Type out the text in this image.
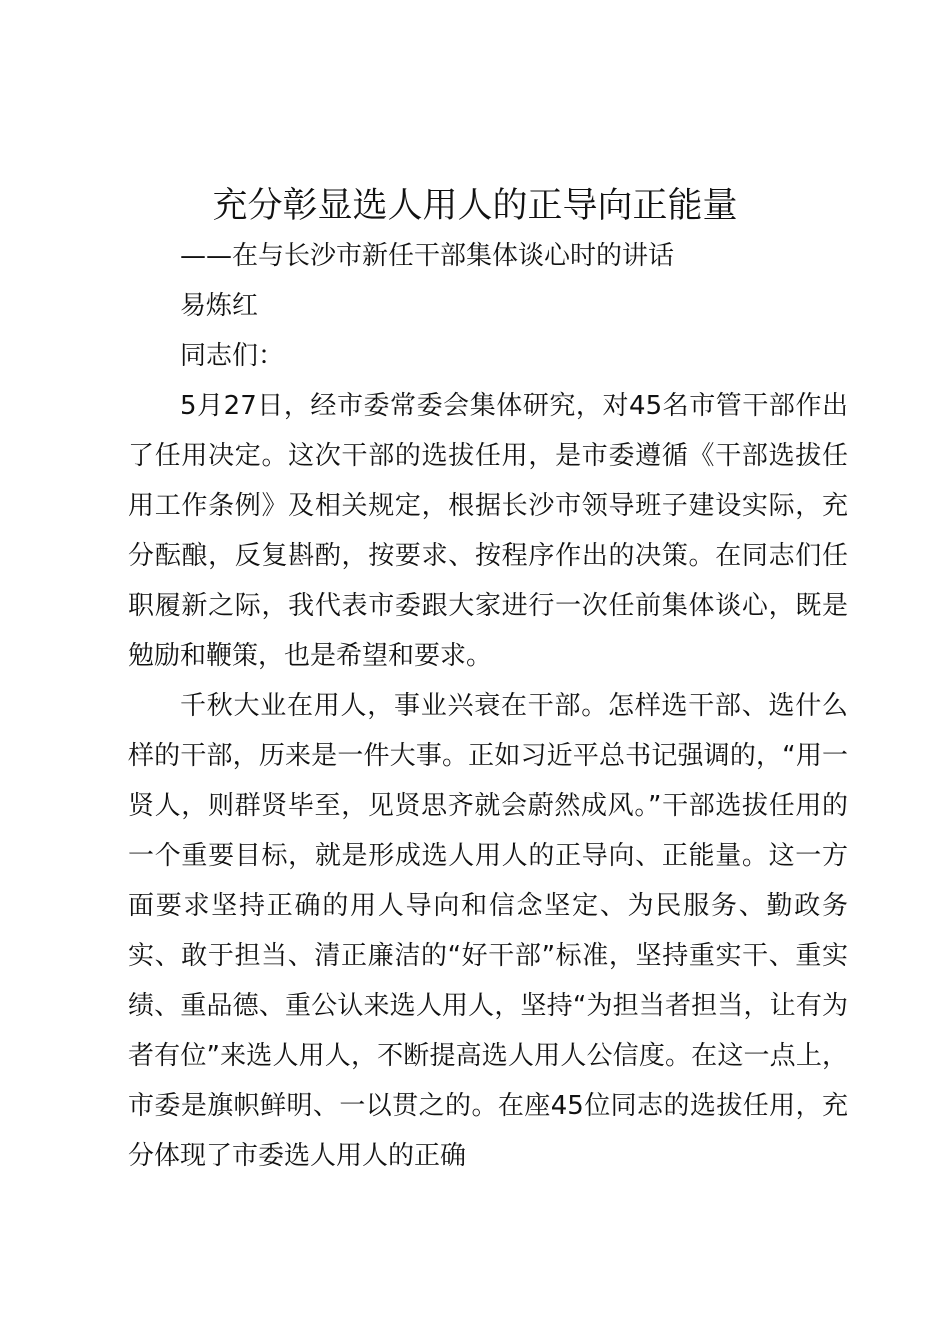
充分彰显选人用人的正导向正能量
——在与长沙市新任干部集体谈心时的讲话
易炼红
同志们：

5月27日，经市委常委会集体研究，对45名市管干部作出了任用决定。这次干部的选拔任用，是市委遵循《干部选拔任用工作条例》及相关规定，根据长沙市领导班子建设实际，充分酝酿，反复斟酌，按要求、按程序作出的决策。在同志们任职履新之际，我代表市委跟大家进行一次任前集体谈心，既是勉励和鞭策，也是希望和要求。

千秋大业在用人，事业兴衰在干部。怎样选干部、选什么样的干部，历来是一件大事。正如习近平总书记强调的，“用一贤人，则群贤毕至，见贤思齐就会蔚然成风。”干部选拔任用的一个重要目标，就是形成选人用人的正导向、正能量。这一方面要求坚持正确的用人导向和信念坚定、为民服务、勤政务实、敢于担当、清正廉洁的“好干部”标准，坚持重实干、重实绩、重品德、重公认来选人用人，坚持“为担当者担当，让有为者有位”来选人用人，不断提高选人用人公信度。在这一点上，市委是旗帜鲜明、一以贯之的。在座45位同志的选拔任用，充分体现了市委选人用人的正确
